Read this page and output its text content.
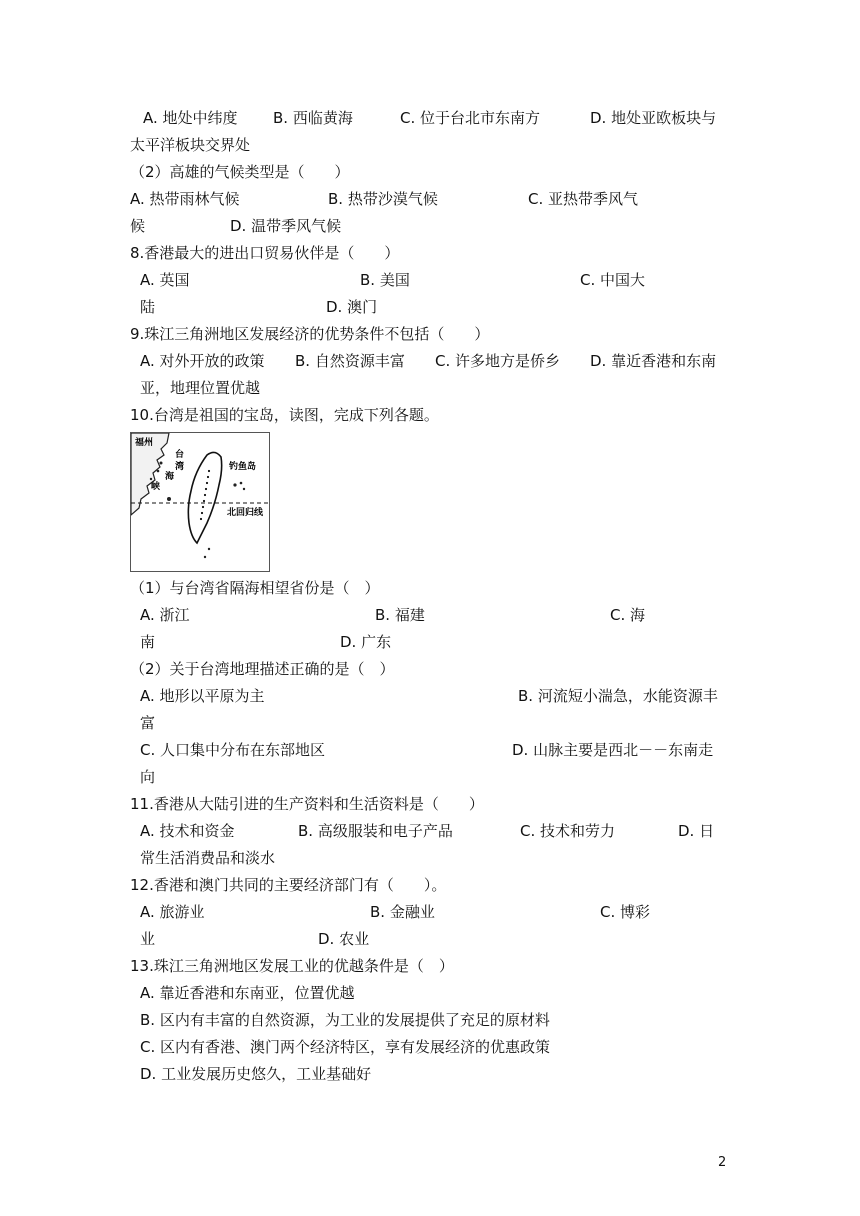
A. 地处中纬度 B. 西临黄海	C. 位于台北市东南方	D. 地处亚欧板块与
太平洋板块交界处
（2）高雄的气候类型是（　　）
A. 热带雨林气候	B. 热带沙漠气候	C. 亚热带季风气
候	D. 温带季风气候
8.香港最大的进出口贸易伙伴是（　　）
A. 英国	B. 美国	C. 中国大
陆	D. 澳门
9.珠江三角洲地区发展经济的优势条件不包括（　　）
A. 对外开放的政策 B. 自然资源丰富 C. 许多地方是侨乡 D. 靠近香港和东南
亚，地理位置优越
10.台湾是祖国的宝岛，读图，完成下列各题。
福州
台
湾
海
峡
钓鱼岛
北回归线
（1）与台湾省隔海相望省份是（　）
A. 浙江	B. 福建	C. 海
南	D. 广东
（2）关于台湾地理描述正确的是（　）
A. 地形以平原为主	B. 河流短小湍急，水能资源丰
富
C. 人口集中分布在东部地区	D. 山脉主要是西北－－东南走
向
11.香港从大陆引进的生产资料和生活资料是（　　）
A. 技术和资金	B. 高级服装和电子产品	C. 技术和劳力	D. 日
常生活消费品和淡水
12.香港和澳门共同的主要经济部门有（　　）。
A. 旅游业	B. 金融业	C. 博彩
业	D. 农业
13.珠江三角洲地区发展工业的优越条件是（　）
A. 靠近香港和东南亚，位置优越
B. 区内有丰富的自然资源，为工业的发展提供了充足的原材料
C. 区内有香港、澳门两个经济特区，享有发展经济的优惠政策
D. 工业发展历史悠久，工业基础好
2
